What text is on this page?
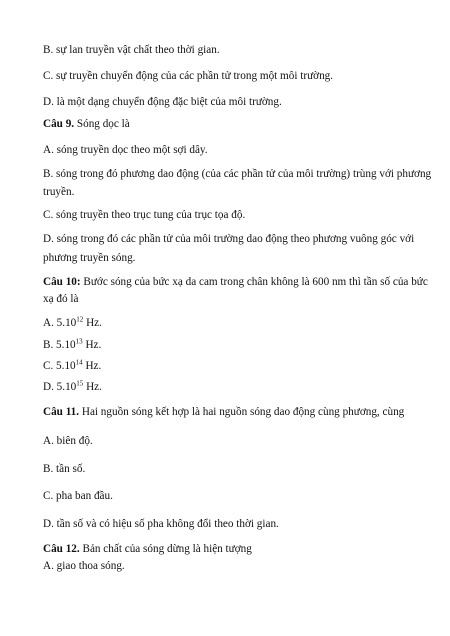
B. sự lan truyền vật chất theo thời gian.
C. sự truyền chuyển động của các phần tử trong một môi trường.
D. là một dạng chuyển động đặc biệt của môi trường.
Câu 9. Sóng dọc là
A. sóng truyền dọc theo một sợi dây.
B. sóng trong đó phương dao động (của các phần tử của môi trường) trùng với phương
truyền.
C. sóng truyền theo trục tung của trục tọa độ.
D. sóng trong đó các phần tử của môi trường dao động theo phương vuông góc với
phương truyền sóng.
Câu 10: Bước sóng của bức xạ da cam trong chân không là 600 nm thì tần số của bức
xạ đó là
A. 5.10$^{12}$ Hz.
B. 5.10$^{13}$ Hz.
C. 5.10$^{14}$ Hz.
D. 5.10$^{15}$ Hz.
Câu 11. Hai nguồn sóng kết hợp là hai nguồn sóng dao động cùng phương, cùng
A. biên độ.
B. tần số.
C. pha ban đầu.
D. tần số và có hiệu số pha không đổi theo thời gian.
Câu 12. Bản chất của sóng dừng là hiện tượng
A. giao thoa sóng.
